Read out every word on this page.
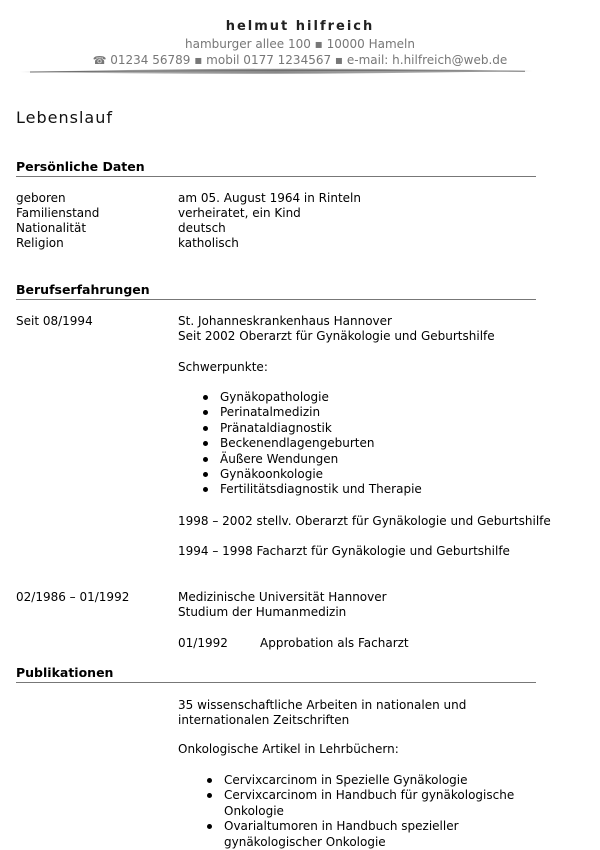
helmut hilfreich
hamburger allee 100 ▪ 10000 Hameln
☎ 01234 56789 ▪ mobil 0177 1234567 ▪ e-mail: h.hilfreich@web.de
Lebenslauf
Persönliche Daten
geboren	am 05. August 1964 in Rinteln
Familienstand	verheiratet, ein Kind
Nationalität	deutsch
Religion	katholisch
Berufserfahrungen
Seit 08/1994	St. Johanneskrankenhaus Hannover
Seit 2002 Oberarzt für Gynäkologie und Geburtshilfe
Schwerpunkte:
Gynäkopathologie
Perinatalmedizin
Pränataldiagnostik
Beckenendlagengeburten
Äußere Wendungen
Gynäkoonkologie
Fertilitätsdiagnostik und Therapie
1998 – 2002 stellv. Oberarzt für Gynäkologie und Geburtshilfe
1994 – 1998 Facharzt für Gynäkologie und Geburtshilfe
02/1986 – 01/1992	Medizinische Universität Hannover
Studium der Humanmedizin
01/1992	Approbation als Facharzt
Publikationen
35 wissenschaftliche Arbeiten in nationalen und
internationalen Zeitschriften
Onkologische Artikel in Lehrbüchern:
Cervixcarcinom in Spezielle Gynäkologie
Cervixcarcinom in Handbuch für gynäkologische Onkologie
Ovarialtumoren in Handbuch spezieller gynäkologischer Onkologie
